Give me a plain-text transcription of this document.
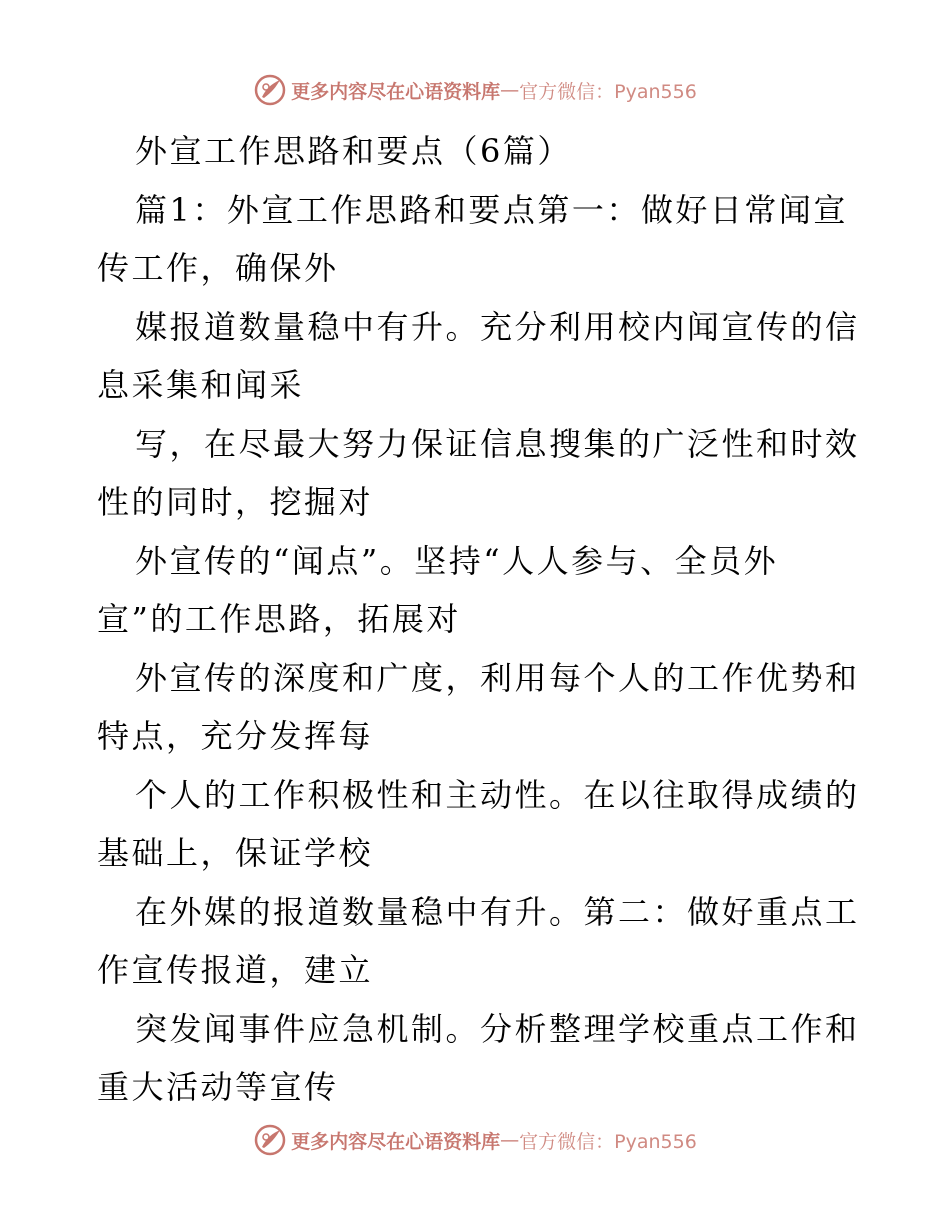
更多内容尽在心语资料库 — 官方微信：Pyan556
外宣工作思路和要点（6篇）
篇1：外宣工作思路和要点第一：做好日常闻宣
传工作，确保外
媒报道数量稳中有升。充分利用校内闻宣传的信
息采集和闻采
写，在尽最大努力保证信息搜集的广泛性和时效
性的同时，挖掘对
外宣传的“闻点”。坚持“人人参与、全员外
宣”的工作思路，拓展对
外宣传的深度和广度，利用每个人的工作优势和
特点，充分发挥每
个人的工作积极性和主动性。在以往取得成绩的
基础上，保证学校
在外媒的报道数量稳中有升。第二：做好重点工
作宣传报道，建立
突发闻事件应急机制。分析整理学校重点工作和
重大活动等宣传
更多内容尽在心语资料库 — 官方微信：Pyan556
